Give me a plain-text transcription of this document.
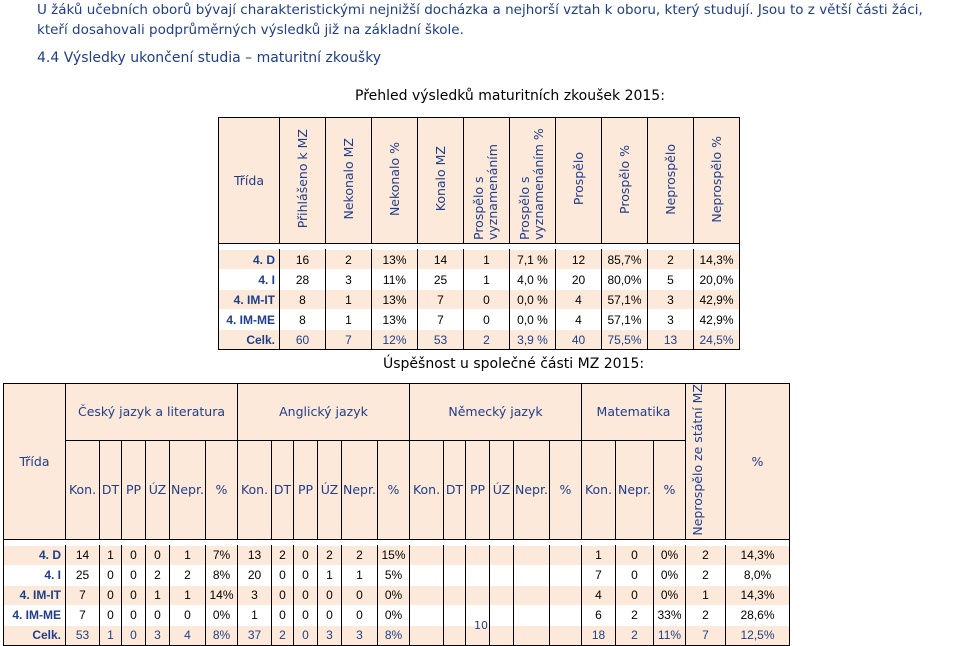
U žáků učebních oborů bývají charakteristickými nejnižší docházka a nejhorší vztah k oboru, který studují. Jsou to z větší části žáci, kteří dosahovali podprůměrných výsledků již na základní škole.
4.4 Výsledky ukončení studia – maturitní zkoušky
Přehled výsledků maturitních zkoušek 2015:
Třída	Přihlášeno k MZ	Nekonalo MZ	Nekonalo %	Konalo MZ	Prospělo s vyznamenáním	Prospělo s vyznamenáním %	Prospělo	Prospělo %	Neprospělo	Neprospělo %

4. D	16	2	13%	14	1	7,1 %	12	85,7%	2	14,3%
4. I	28	3	11%	25	1	4,0 %	20	80,0%	5	20,0%
4. IM-IT	8	1	13%	7	0	0,0 %	4	57,1%	3	42,9%
4. IM-ME	8	1	13%	7	0	0,0 %	4	57,1%	3	42,9%
Celk.	60	7	12%	53	2	3,9 %	40	75,5%	13	24,5%
Úspěšnost u společné části MZ 2015:
Třída	Český jazyk a literatura						Anglický jazyk						Německý jazyk						Matematika			Neprospělo ze státní MZ	%
	Kon.	DT	PP	ÚZ	Nepr.	%	Kon.	DT	PP	ÚZ	Nepr.	%	Kon.	DT	PP	ÚZ	Nepr.	%	Kon.	Nepr.	%		

4. D	14	1	0	0	1	7%	13	2	0	2	2	15%							1	0	0%	2	14,3%
4. I	25	0	0	2	2	8%	20	0	0	1	1	5%							7	0	0%	2	8,0%
4. IM-IT	7	0	0	1	1	14%	3	0	0	0	0	0%							4	0	0%	1	14,3%
4. IM-ME	7	0	0	0	0	0%	1	0	0	0	0	0%							6	2	33%	2	28,6%
Celk.	53	1	0	3	4	8%	37	2	0	3	3	8%							18	2	11%	7	12,5%
10
